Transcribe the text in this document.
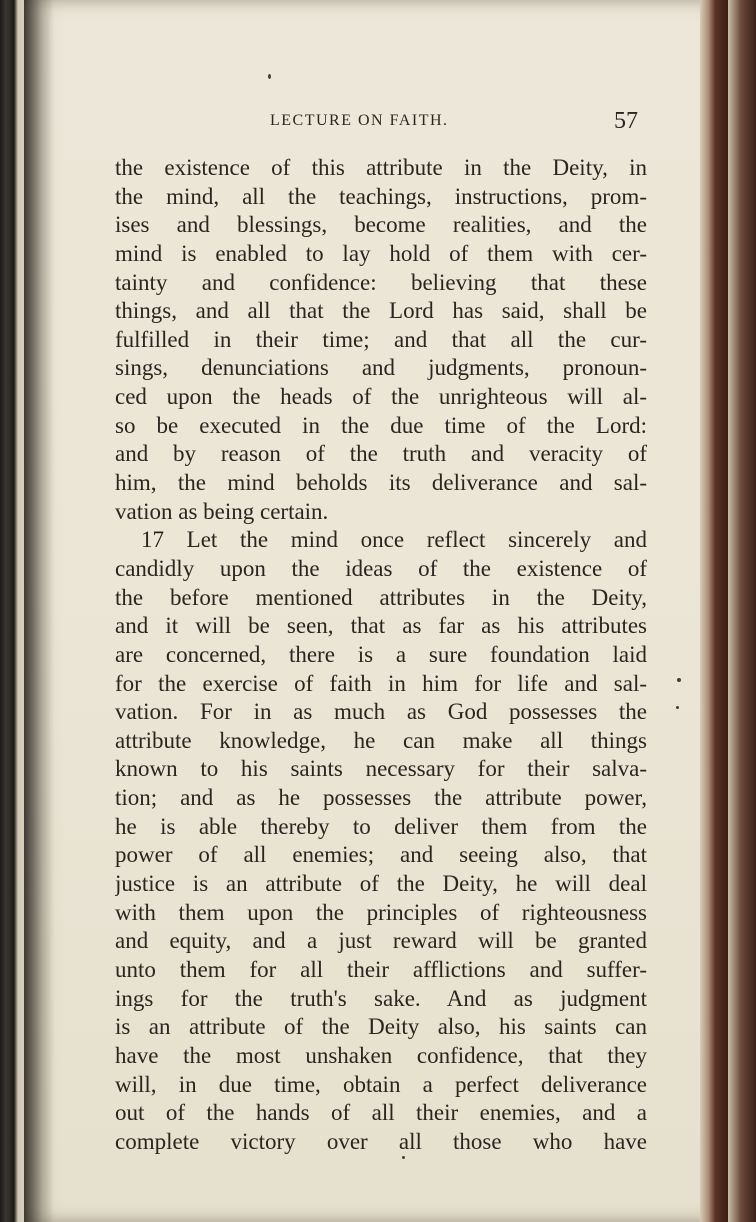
LECTURE ON FAITH.	57
the existence of this attribute in the Deity, in
the mind, all the teachings, instructions, prom-
ises and blessings, become realities, and the
mind is enabled to lay hold of them with cer-
tainty and confidence: believing that these
things, and all that the Lord has said, shall be
fulfilled in their time; and that all the cur-
sings, denunciations and judgments, pronoun-
ced upon the heads of the unrighteous will al-
so be executed in the due time of the Lord:
and by reason of the truth and veracity of
him, the mind beholds its deliverance and sal-
vation as being certain.
17 Let the mind once reflect sincerely and
candidly upon the ideas of the existence of
the before mentioned attributes in the Deity,
and it will be seen, that as far as his attributes
are concerned, there is a sure foundation laid
for the exercise of faith in him for life and sal-
vation. For in as much as God possesses the
attribute knowledge, he can make all things
known to his saints necessary for their salva-
tion; and as he possesses the attribute power,
he is able thereby to deliver them from the
power of all enemies; and seeing also, that
justice is an attribute of the Deity, he will deal
with them upon the principles of righteousness
and equity, and a just reward will be granted
unto them for all their afflictions and suffer-
ings for the truth's sake. And as judgment
is an attribute of the Deity also, his saints can
have the most unshaken confidence, that they
will, in due time, obtain a perfect deliverance
out of the hands of all their enemies, and a
complete victory over all those who have
